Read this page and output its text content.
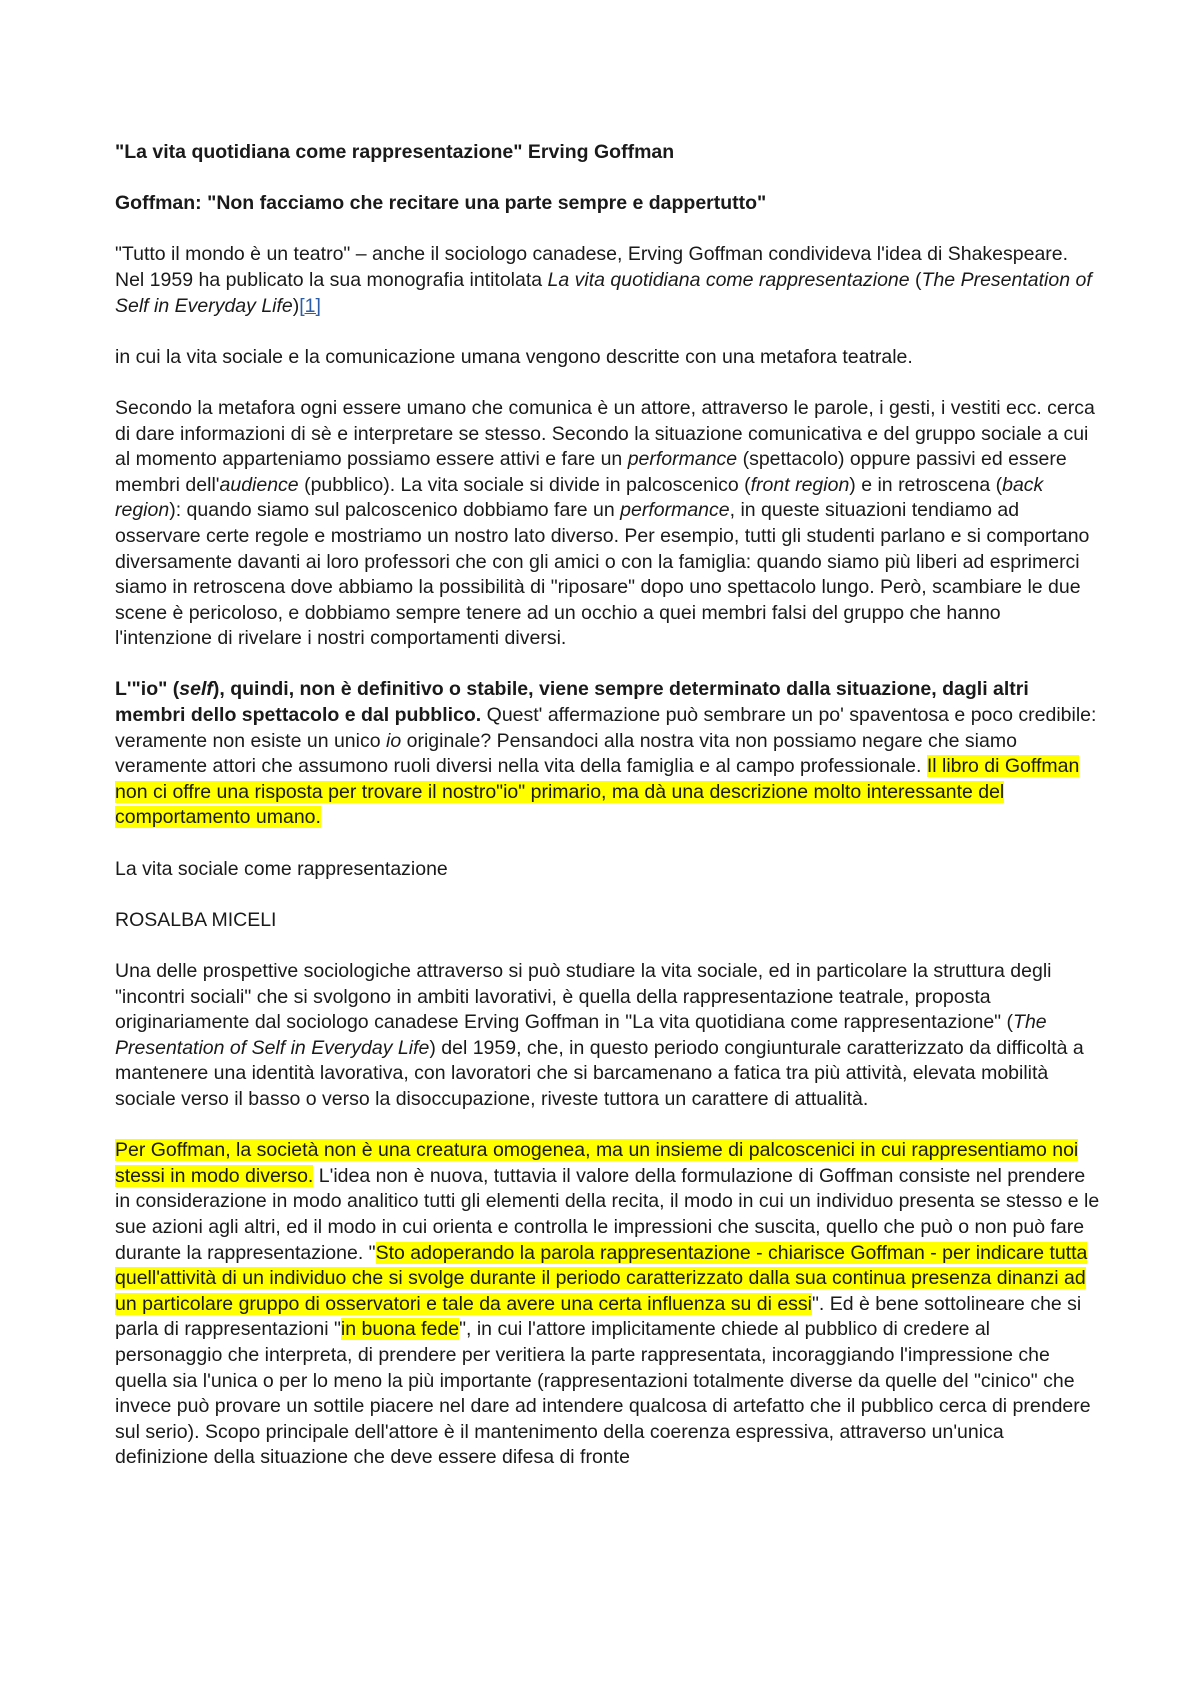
"La vita quotidiana come rappresentazione" Erving Goffman

Goffman: "Non facciamo che recitare una parte sempre e dappertutto"

"Tutto il mondo è un teatro" – anche il sociologo canadese, Erving Goffman condivideva l'idea di Shakespeare. Nel 1959 ha publicato la sua monografia intitolata La vita quotidiana come rappresentazione (The Presentation of Self in Everyday Life)[1]

in cui la vita sociale e la comunicazione umana vengono descritte con una metafora teatrale.

Secondo la metafora ogni essere umano che comunica è un attore, attraverso le parole, i gesti, i vestiti ecc. cerca di dare informazioni di sè e interpretare se stesso. Secondo la situazione comunicativa e del gruppo sociale a cui al momento apparteniamo possiamo essere attivi e fare un performance (spettacolo) oppure passivi ed essere membri dell'audience (pubblico). La vita sociale si divide in palcoscenico (front region) e in retroscena (back region): quando siamo sul palcoscenico dobbiamo fare un performance, in queste situazioni tendiamo ad osservare certe regole e mostriamo un nostro lato diverso. Per esempio, tutti gli studenti parlano e si comportano diversamente davanti ai loro professori che con gli amici o con la famiglia: quando siamo più liberi ad esprimerci siamo in retroscena dove abbiamo la possibilità di "riposare" dopo uno spettacolo lungo. Però, scambiare le due scene è pericoloso, e dobbiamo sempre tenere ad un occhio a quei membri falsi del gruppo che hanno l'intenzione di rivelare i nostri comportamenti diversi.

L'"io" (self), quindi, non è definitivo o stabile, viene sempre determinato dalla situazione, dagli altri membri dello spettacolo e dal pubblico. Quest' affermazione può sembrare un po' spaventosa e poco credibile: veramente non esiste un unico io originale? Pensandoci alla nostra vita non possiamo negare che siamo veramente attori che assumono ruoli diversi nella vita della famiglia e al campo professionale. Il libro di Goffman non ci offre una risposta per trovare il nostro"io" primario, ma dà una descrizione molto interessante del comportamento umano.

La vita sociale come rappresentazione

ROSALBA MICELI

Una delle prospettive sociologiche attraverso si può studiare la vita sociale, ed in particolare la struttura degli "incontri sociali" che si svolgono in ambiti lavorativi, è quella della rappresentazione teatrale, proposta originariamente dal sociologo canadese Erving Goffman in "La vita quotidiana come rappresentazione" (The Presentation of Self in Everyday Life) del 1959, che, in questo periodo congiunturale caratterizzato da difficoltà a mantenere una identità lavorativa, con lavoratori che si barcamenano a fatica tra più attività, elevata mobilità sociale verso il basso o verso la disoccupazione, riveste tuttora un carattere di attualità.

Per Goffman, la società non è una creatura omogenea, ma un insieme di palcoscenici in cui rappresentiamo noi stessi in modo diverso. L'idea non è nuova, tuttavia il valore della formulazione di Goffman consiste nel prendere in considerazione in modo analitico tutti gli elementi della recita, il modo in cui un individuo presenta se stesso e le sue azioni agli altri, ed il modo in cui orienta e controlla le impressioni che suscita, quello che può o non può fare durante la rappresentazione. "Sto adoperando la parola rappresentazione - chiarisce Goffman - per indicare tutta quell'attività di un individuo che si svolge durante il periodo caratterizzato dalla sua continua presenza dinanzi ad un particolare gruppo di osservatori e tale da avere una certa influenza su di essi". Ed è bene sottolineare che si parla di rappresentazioni "in buona fede", in cui l'attore implicitamente chiede al pubblico di credere al personaggio che interpreta, di prendere per veritiera la parte rappresentata, incoraggiando l'impressione che quella sia l'unica o per lo meno la più importante (rappresentazioni totalmente diverse da quelle del "cinico" che invece può provare un sottile piacere nel dare ad intendere qualcosa di artefatto che il pubblico cerca di prendere sul serio). Scopo principale dell'attore è il mantenimento della coerenza espressiva, attraverso un'unica definizione della situazione che deve essere difesa di fronte
